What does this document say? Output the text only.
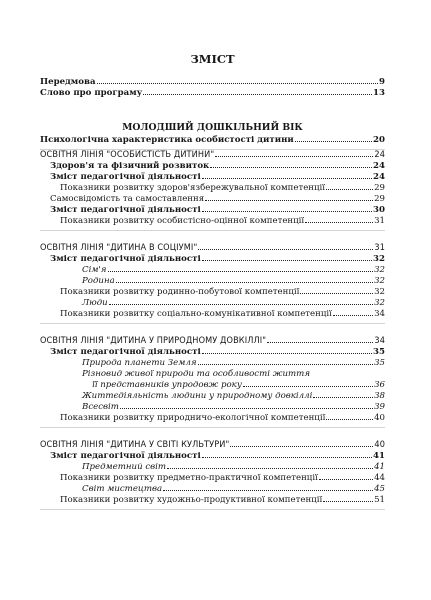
ЗМІСТ
Передмова	9
Слово про програму	13
МОЛОДШИЙ ДОШКІЛЬНИЙ ВІК
Психологічна характеристика особистості дитини	20
ОСВІТНЯ ЛІНІЯ "ОСОБИСТІСТЬ ДИТИНИ"	24
Здоров'я та фізичний розвиток	24
Зміст педагогічної діяльності	24
Показники розвитку здоров'язбережувальної компетенції	29
Самосвідомість та самоставлення	29
Зміст педагогічної діяльності	30
Показники розвитку особистісно-оцінної компетенції	31
ОСВІТНЯ ЛІНІЯ "ДИТИНА В СОЦІУМІ"	31
Зміст педагогічної діяльності	32
Сім'я	32
Родина	32
Показники розвитку родинно-побутової компетенції	32
Люди	32
Показники розвитку соціально-комунікативної компетенції	34
ОСВІТНЯ ЛІНІЯ "ДИТИНА У ПРИРОДНОМУ ДОВКІЛЛІ"	34
Зміст педагогічної діяльності	35
Природа планети Земля	35
Різновид живої природи та особливості життя
її представників упродовж року	36
Життєдіяльність людини у природному довкіллі	38
Всесвіт	39
Показники розвитку природничо-екологічної компетенції	40
ОСВІТНЯ ЛІНІЯ "ДИТИНА У СВІТІ КУЛЬТУРИ"	40
Зміст педагогічної діяльності	41
Предметний світ	41
Показники розвитку предметно-практичної компетенції	44
Світ мистецтва	45
Показники розвитку художньо-продуктивної компетенції	51
